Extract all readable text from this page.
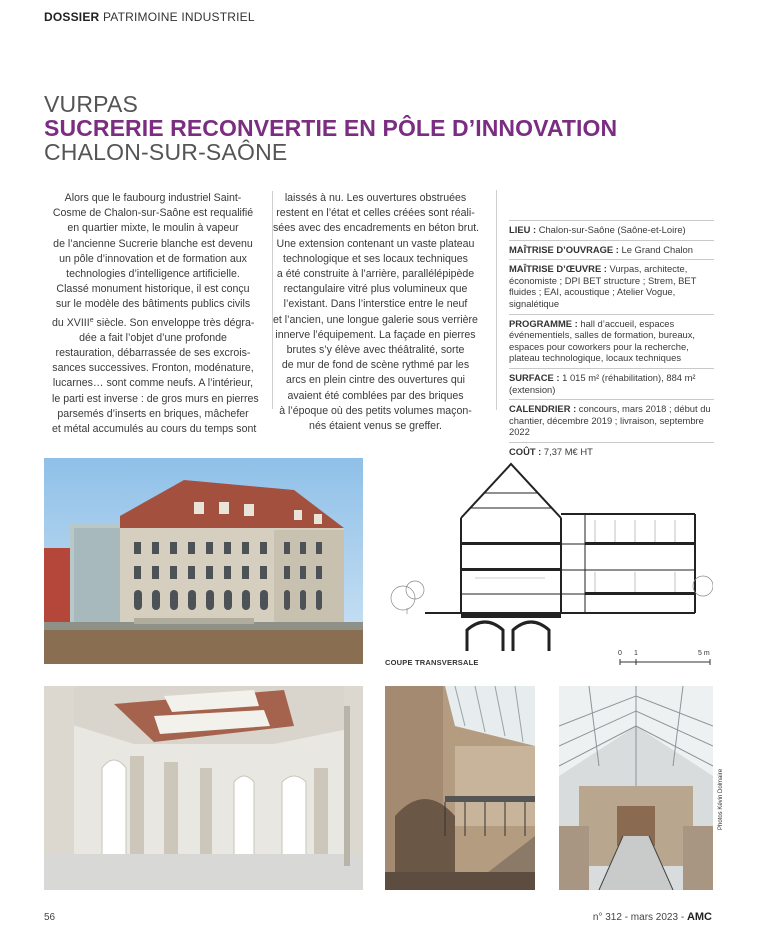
DOSSIER PATRIMOINE INDUSTRIEL
VURPAS
SUCRERIE RECONVERTIE EN PÔLE D’INNOVATION
CHALON-SUR-SAÔNE

Alors que le faubourg industriel Saint-

Cosme de Chalon-sur-Saône est requalifié

en quartier mixte, le moulin à vapeur

de l’ancienne Sucrerie blanche est devenu

un pôle d’innovation et de formation aux

technologies d’intelligence artificielle.

Classé monument historique, il est conçu

sur le modèle des bâtiments publics civils

du XVIIIe siècle. Son enveloppe très dégra-

dée a fait l’objet d’une profonde

restauration, débarrassée de ses excrois-

sances successives. Fronton, modénature,

lucarnes… sont comme neufs. A l’intérieur,

le parti est inverse : de gros murs en pierres

parsemés d’inserts en briques, mâchefer

et métal accumulés au cours du temps sont

laissés à nu. Les ouvertures obstruées

restent en l’état et celles créées sont réali-

sées avec des encadrements en béton brut.

Une extension contenant un vaste plateau

technologique et ses locaux techniques

a été construite à l’arrière, parallélépipède

rectangulaire vitré plus volumineux que

l’existant. Dans l’interstice entre le neuf

et l’ancien, une longue galerie sous verrière

innerve l’équipement. La façade en pierres

brutes s’y élève avec théâtralité, sorte

de mur de fond de scène rythmé par les

arcs en plein cintre des ouvertures qui

avaient été comblées par des briques

à l’époque où des petits volumes maçon-

nés étaient venus se greffer.

LIEU : Chalon-sur-Saône (Saône-et-Loire)
MAÎTRISE D’OUVRAGE : Le Grand Chalon
MAÎTRISE D’ŒUVRE : Vurpas, architecte, économiste ; DPI BET structure ; Strem, BET fluides ; EAI, acoustique ; Atelier Vogue, signalétique
PROGRAMME : hall d’accueil, espaces événementiels, salles de formation, bureaux, espaces pour coworkers pour la recherche, plateau technologique, locaux techniques
SURFACE : 1 015 m² (réhabilitation), 884 m² (extension)
CALENDRIER : concours, mars 2018 ; début du chantier, décembre 2019 ; livraison, septembre 2022
COÛT : 7,37 M€ HT
COUPE TRANSVERSALE
0 1	5 m
Photos Kévin Dolmaire
56	n° 312 - mars 2023 - AMC
